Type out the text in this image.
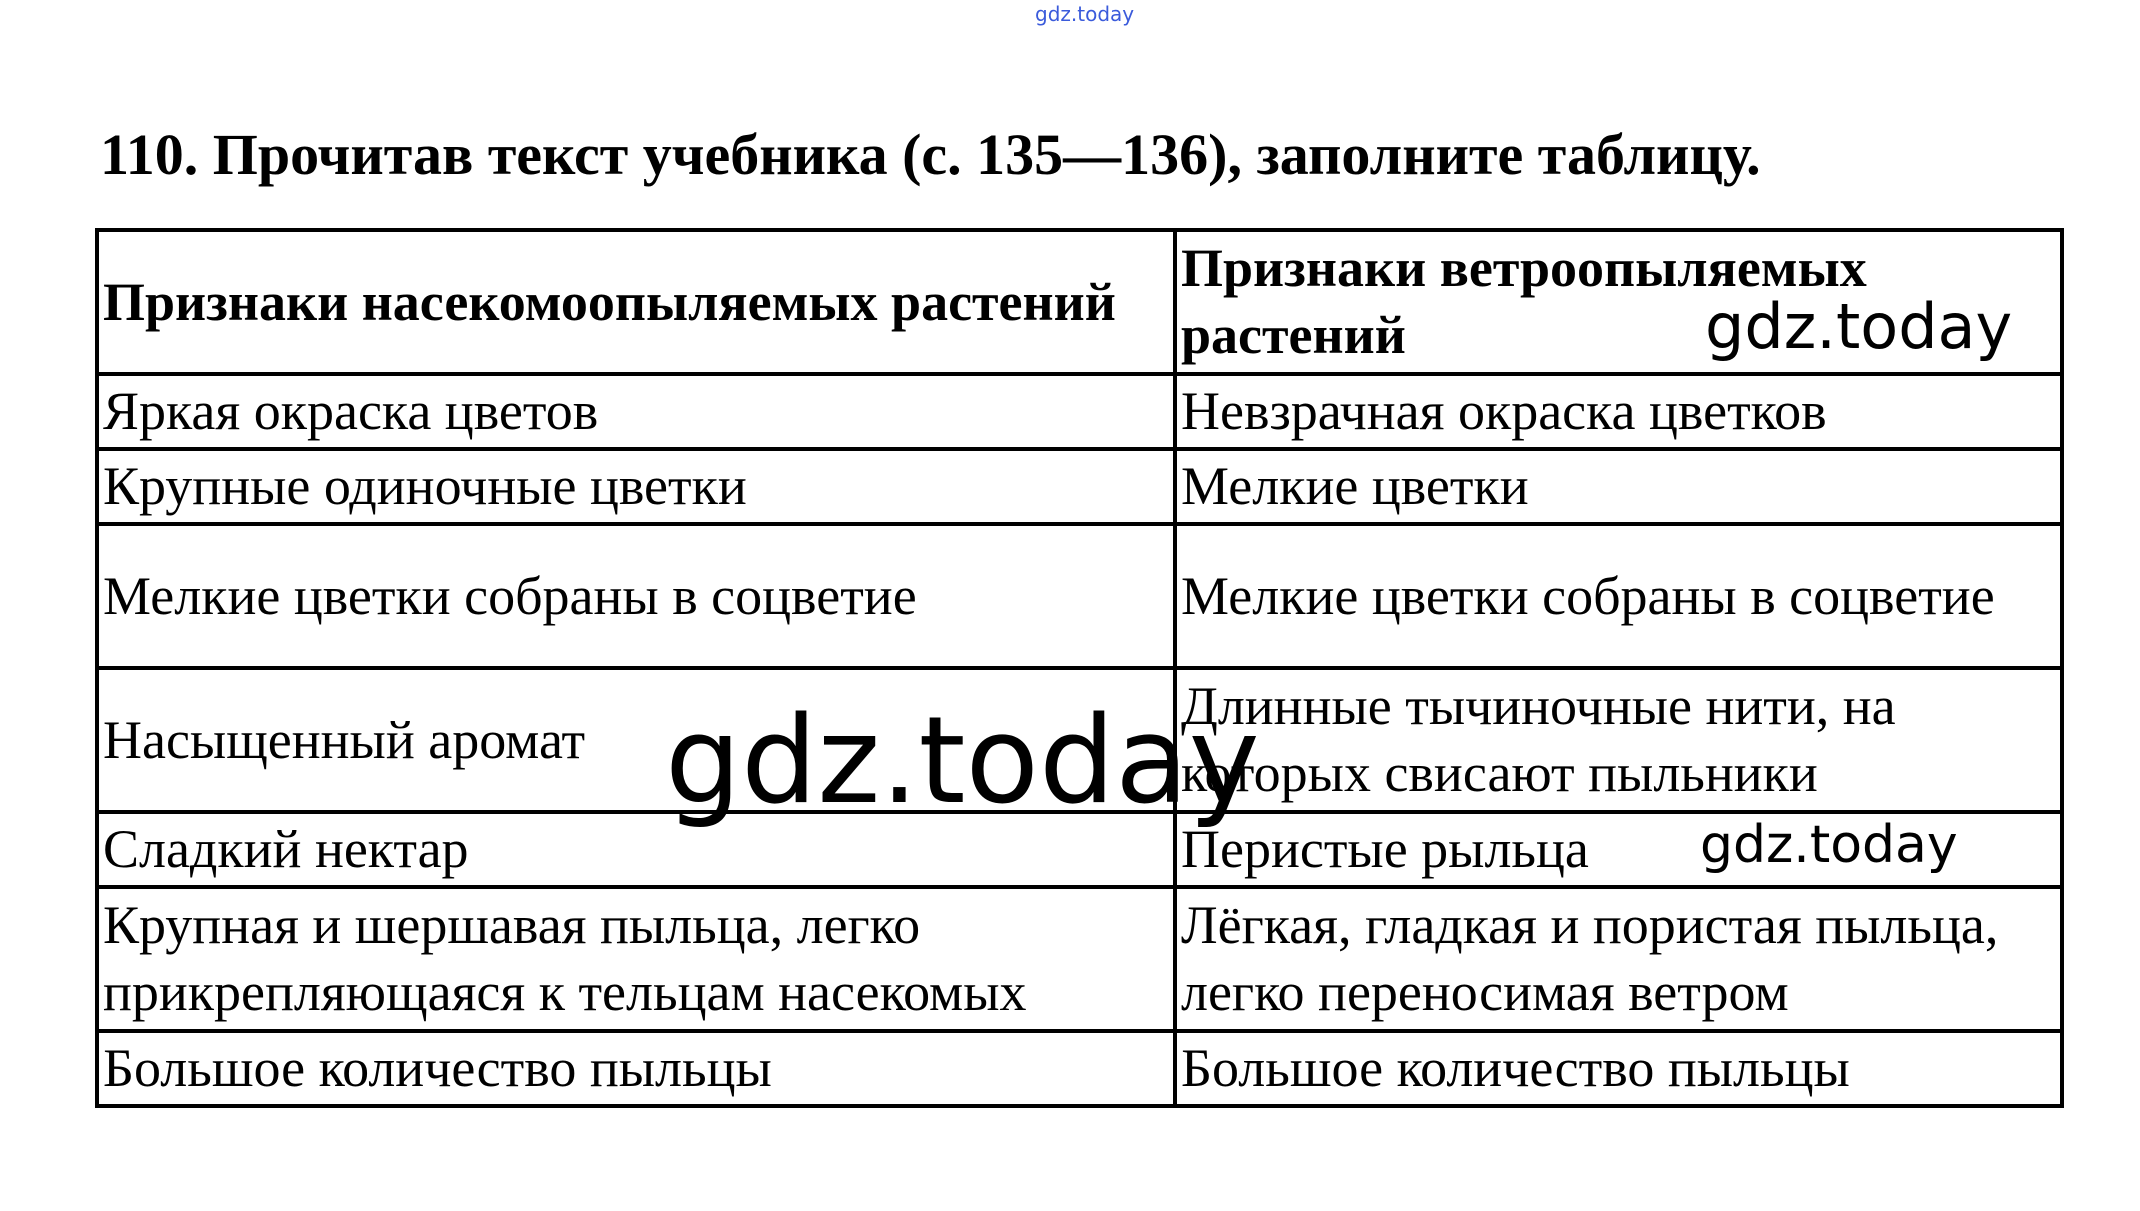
gdz.today
110. Прочитав текст учебника (с. 135—136), заполните таблицу.
Признаки насекомоопыляемых растений	Признаки ветроопыляемых растений
Яркая окраска цветов	Невзрачная окраска цветков
Крупные одиночные цветки	Мелкие цветки
Мелкие цветки собраны в соцветие	Мелкие цветки собраны в соцветие
Насыщенный аромат	Длинные тычиночные нити, на которых свисают пыльники
Сладкий нектар	Перистые рыльца
Крупная и шершавая пыльца, легко прикрепляющаяся к тельцам насекомых	Лёгкая, гладкая и пористая пыльца, легко переносимая ветром
Большое количество пыльцы	Большое количество пыльцы
gdz.today
gdz.today
gdz.today
